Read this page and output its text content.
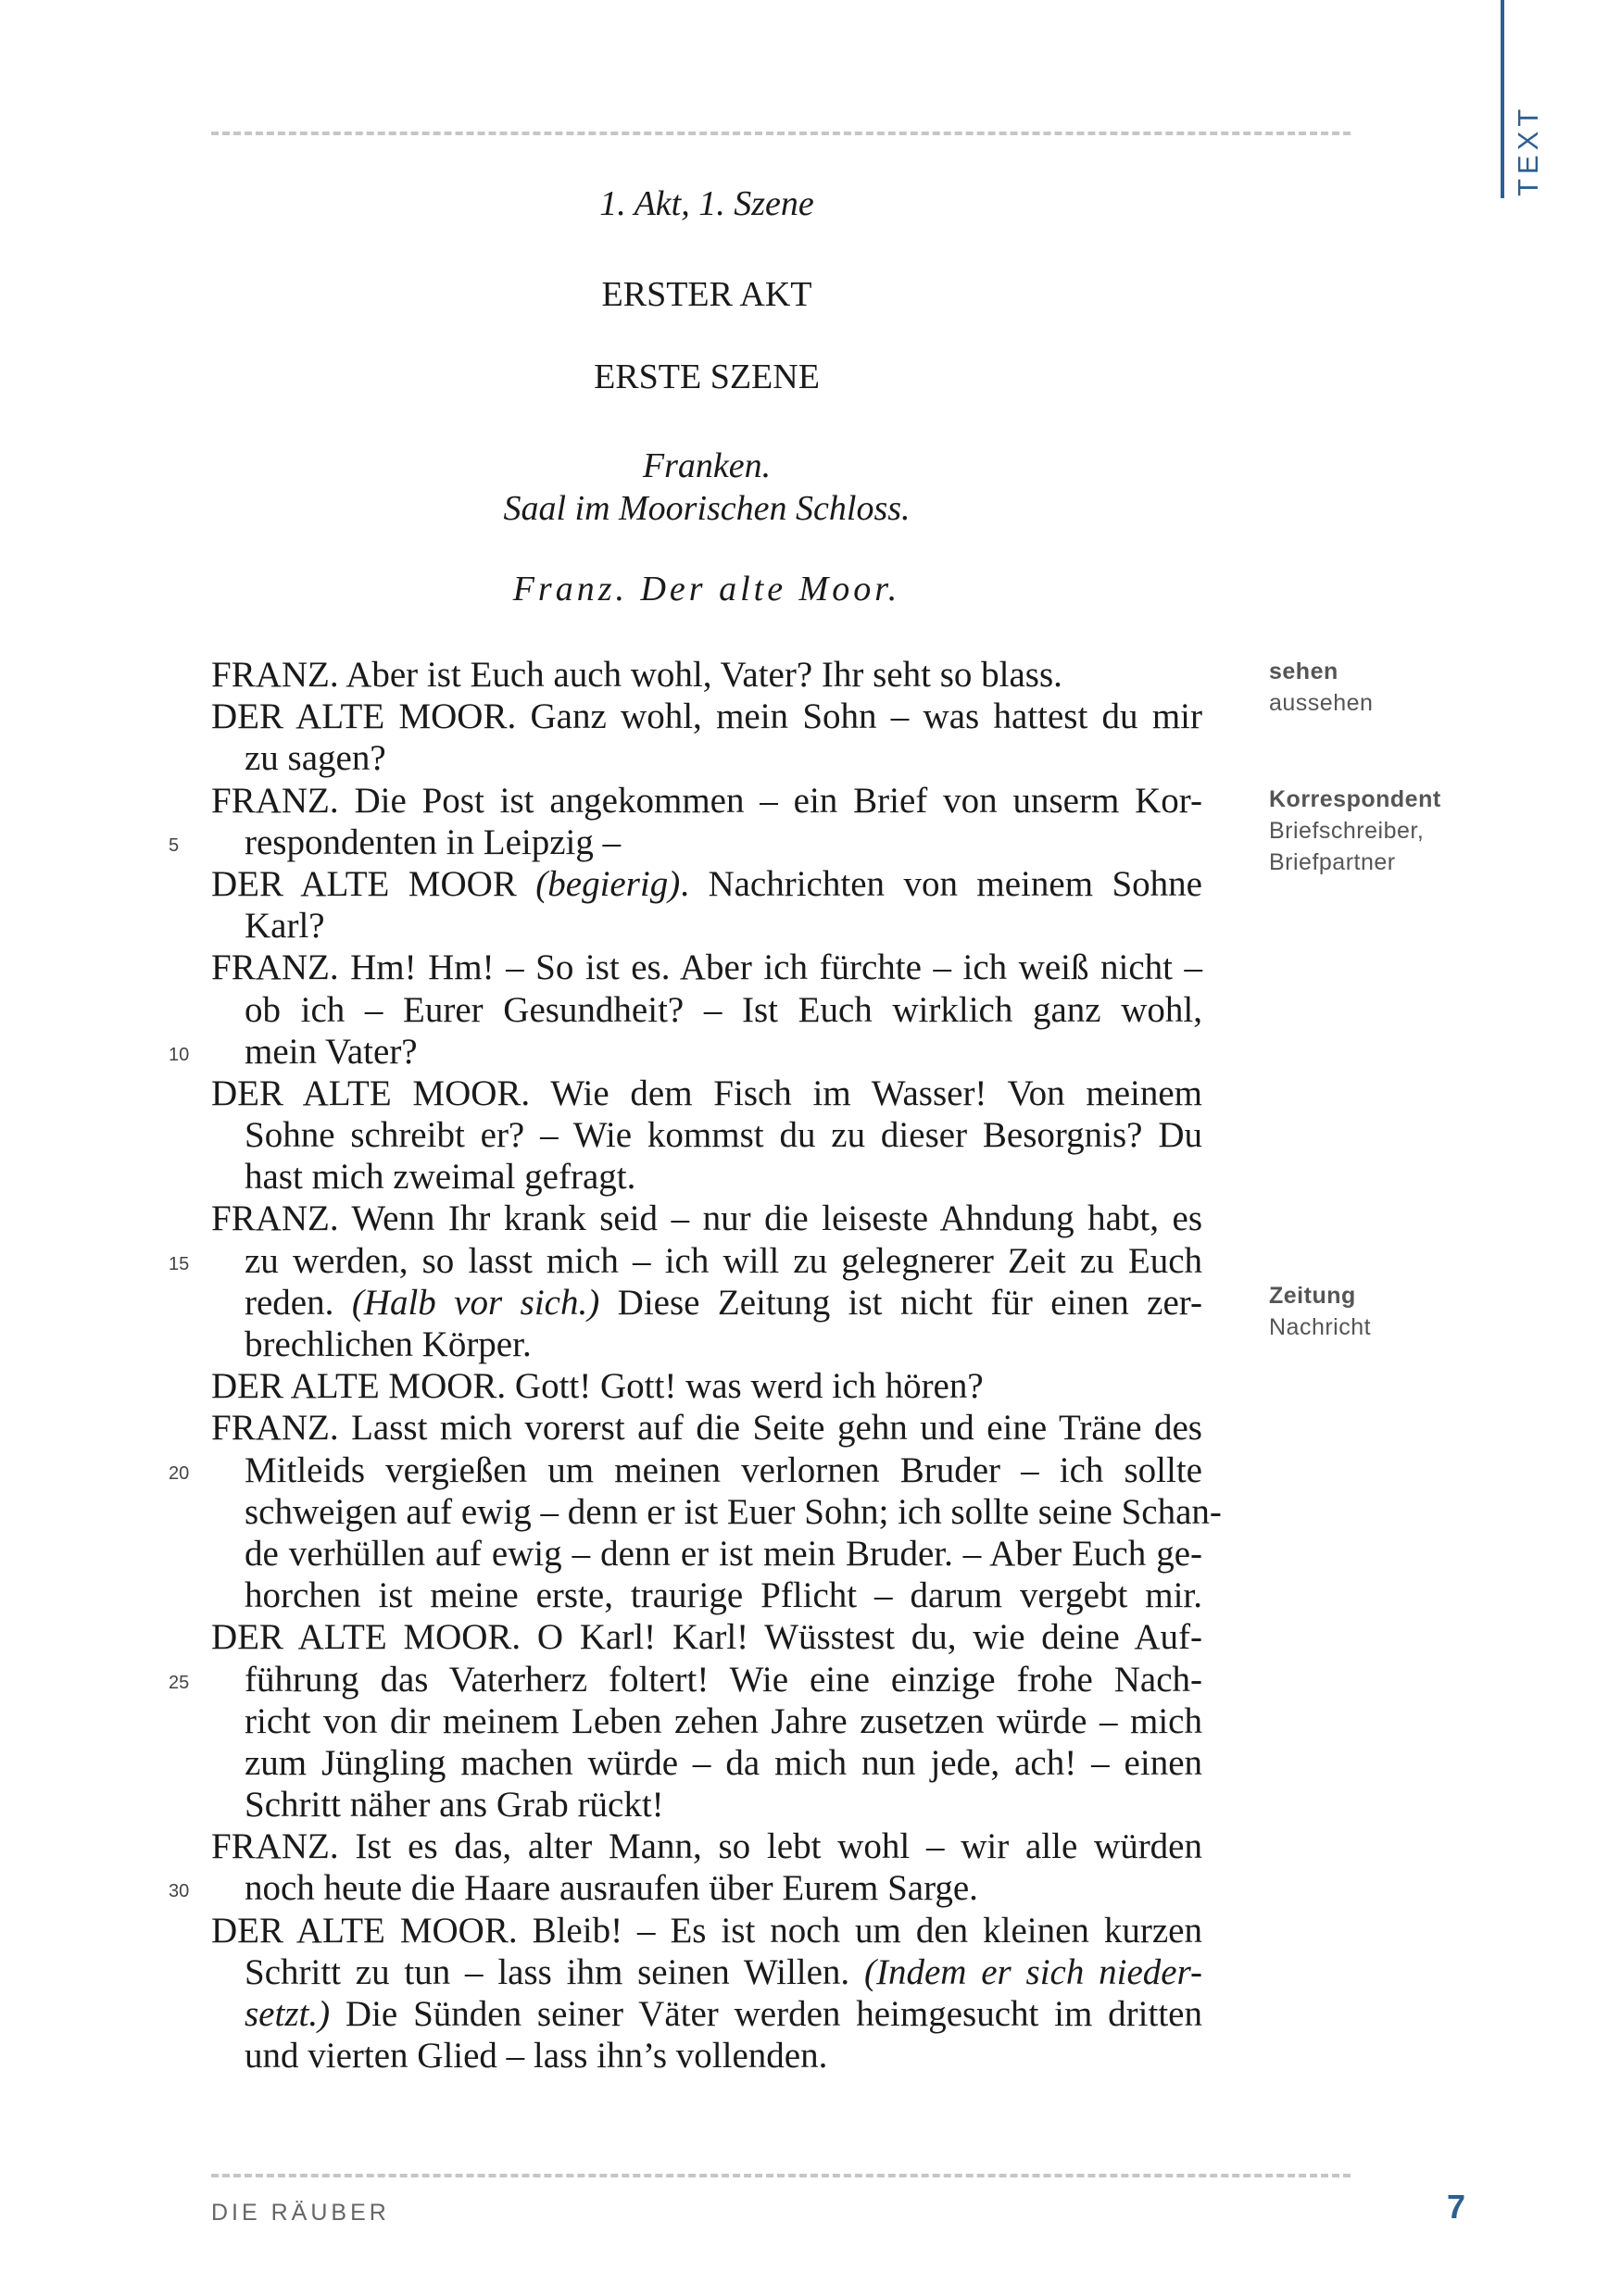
TEXT
1. Akt, 1. Szene
ERSTER AKT
ERSTE SZENE
Franken.
Saal im Moorischen Schloss.
Franz. Der alte Moor.
FRANZ. Aber ist Euch auch wohl, Vater? Ihr seht so blass.
DER ALTE MOOR. Ganz wohl, mein Sohn – was hattest du mir
zu sagen?
FRANZ. Die Post ist angekommen – ein Brief von unserm Kor-
respondenten in Leipzig –
5
DER ALTE MOOR (begierig). Nachrichten von meinem Sohne
Karl?
FRANZ. Hm! Hm! – So ist es. Aber ich fürchte – ich weiß nicht –
ob ich – Eurer Gesundheit? – Ist Euch wirklich ganz wohl,
mein Vater?
10
DER ALTE MOOR. Wie dem Fisch im Wasser! Von meinem
Sohne schreibt er? – Wie kommst du zu dieser Besorgnis? Du
hast mich zweimal gefragt.
FRANZ. Wenn Ihr krank seid – nur die leiseste Ahndung habt, es
zu werden, so lasst mich – ich will zu gelegnerer Zeit zu Euch
15
reden. (Halb vor sich.) Diese Zeitung ist nicht für einen zer-
brechlichen Körper.
DER ALTE MOOR. Gott! Gott! was werd ich hören?
FRANZ. Lasst mich vorerst auf die Seite gehn und eine Träne des
Mitleids vergießen um meinen verlornen Bruder – ich sollte
20
schweigen auf ewig – denn er ist Euer Sohn; ich sollte seine Schan-
de verhüllen auf ewig – denn er ist mein Bruder. – Aber Euch ge-
horchen ist meine erste, traurige Pflicht – darum vergebt mir.
DER ALTE MOOR. O Karl! Karl! Wüsstest du, wie deine Auf-
führung das Vaterherz foltert! Wie eine einzige frohe Nach-
25
richt von dir meinem Leben zehen Jahre zusetzen würde – mich
zum Jüngling machen würde – da mich nun jede, ach! – einen
Schritt näher ans Grab rückt!
FRANZ. Ist es das, alter Mann, so lebt wohl – wir alle würden
noch heute die Haare ausraufen über Eurem Sarge.
30
DER ALTE MOOR. Bleib! – Es ist noch um den kleinen kurzen
Schritt zu tun – lass ihm seinen Willen. (Indem er sich nieder-
setzt.) Die Sünden seiner Väter werden heimgesucht im dritten
und vierten Glied – lass ihn’s vollenden.
sehen
aussehen
Korrespondent
Briefschreiber,
Briefpartner
Zeitung
Nachricht
DIE RÄUBER	7
